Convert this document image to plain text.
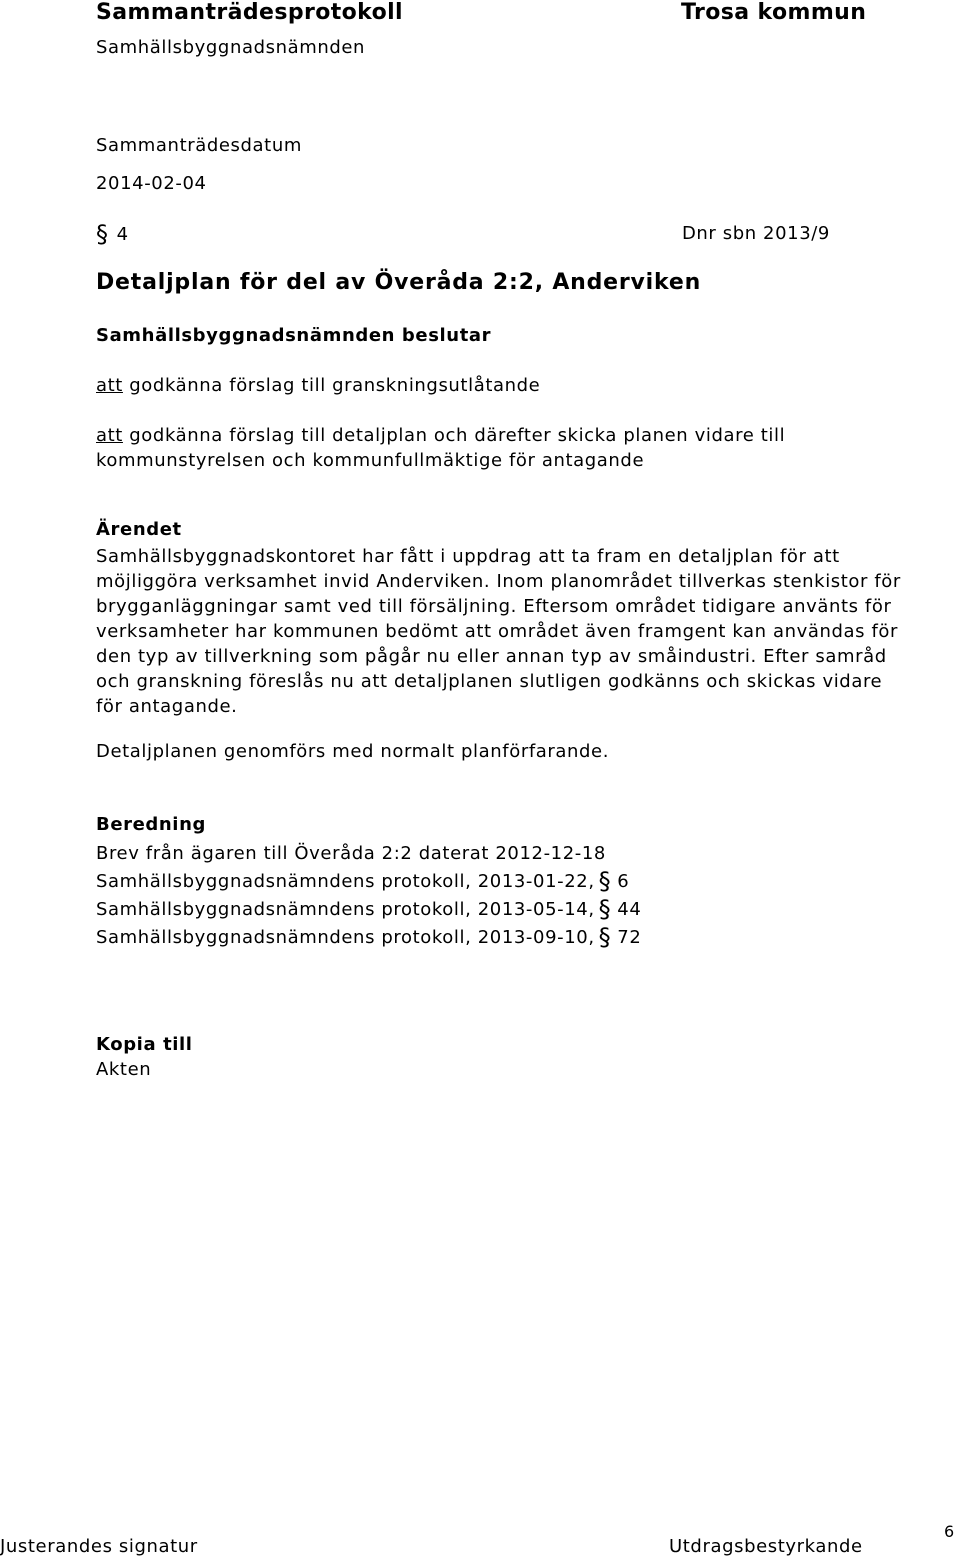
Sammanträdesprotokoll	Trosa kommun
Samhällsbyggnadsnämnden
Sammanträdesdatum
2014-02-04
§ 4	Dnr sbn 2013/9
Detaljplan för del av Överåda 2:2, Anderviken
Samhällsbyggnadsnämnden beslutar
att godkänna förslag till granskningsutlåtande
att godkänna förslag till detaljplan och därefter skicka planen vidare till
kommunstyrelsen och kommunfullmäktige för antagande
Ärendet
Samhällsbyggnadskontoret har fått i uppdrag att ta fram en detaljplan för att
möjliggöra verksamhet invid Anderviken. Inom planområdet tillverkas stenkistor för
brygganläggningar samt ved till försäljning. Eftersom området tidigare använts för
verksamheter har kommunen bedömt att området även framgent kan användas för
den typ av tillverkning som pågår nu eller annan typ av småindustri. Efter samråd
och granskning föreslås nu att detaljplanen slutligen godkänns och skickas vidare
för antagande.
Detaljplanen genomförs med normalt planförfarande.
Beredning
Brev från ägaren till Överåda 2:2 daterat 2012-12-18
Samhällsbyggnadsnämndens protokoll, 2013-01-22, § 6
Samhällsbyggnadsnämndens protokoll, 2013-05-14, § 44
Samhällsbyggnadsnämndens protokoll, 2013-09-10, § 72
Kopia till
Akten
Justerandes signatur	Utdragsbestyrkande
6
